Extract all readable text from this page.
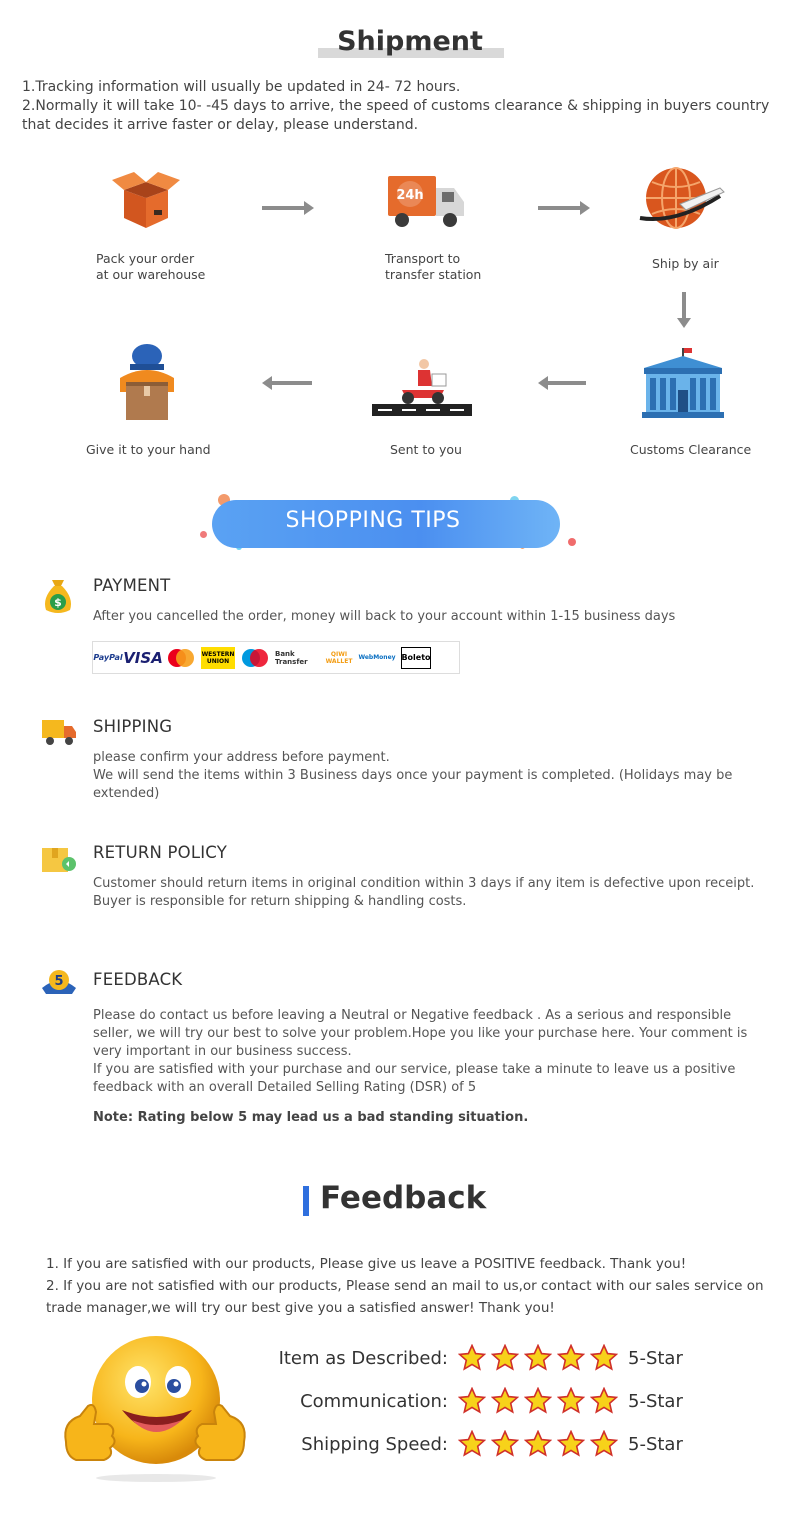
Shipment

1.Tracking information will usually be updated in 24- 72 hours.

2.Normally it will take 10- -45 days to arrive, the speed of customs clearance & shipping in buyers country that decides it arrive faster or delay, please understand.

Pack your order
at our warehouse
24h
Transport to
transfer station
Ship by air
Customs Clearance
Sent to you
Give it to your hand
SHOPPING TIPS
$
PAYMENT

After you cancelled the order, money will back to your account within 1-15 business days

PayPal VISA	WESTERN UNION
Bank Transfer
QIWI WALLET WebMoney Boleto
SHIPPING

please confirm your address before payment.

We will send the items within 3 Business days once your payment is completed. (Holidays may be extended)

RETURN POLICY

Customer should return items in original condition within 3 days if any item is defective upon receipt. Buyer is responsible for return shipping & handling costs.

5 FEEDBACK

Please do contact us before leaving a Neutral or Negative feedback . As a serious and responsible seller, we will try our best to solve your problem.Hope you like your purchase here. Your comment is very important in our business success.

If you are satisfied with your purchase and our service, please take a minute to leave us a positive feedback with an overall Detailed Selling Rating (DSR) of 5

Note: Rating below 5 may lead us a bad standing situation.

Feedback

1. If you are satisfied with our products, Please give us leave a POSITIVE feedback. Thank you!

2. If you are not satisfied with our products, Please send an mail to us,or contact with our sales service on trade manager,we will try our best give you a satisfied answer! Thank you!

Item as Described:	5-Star
Communication:	5-Star
Shipping Speed:	5-Star
